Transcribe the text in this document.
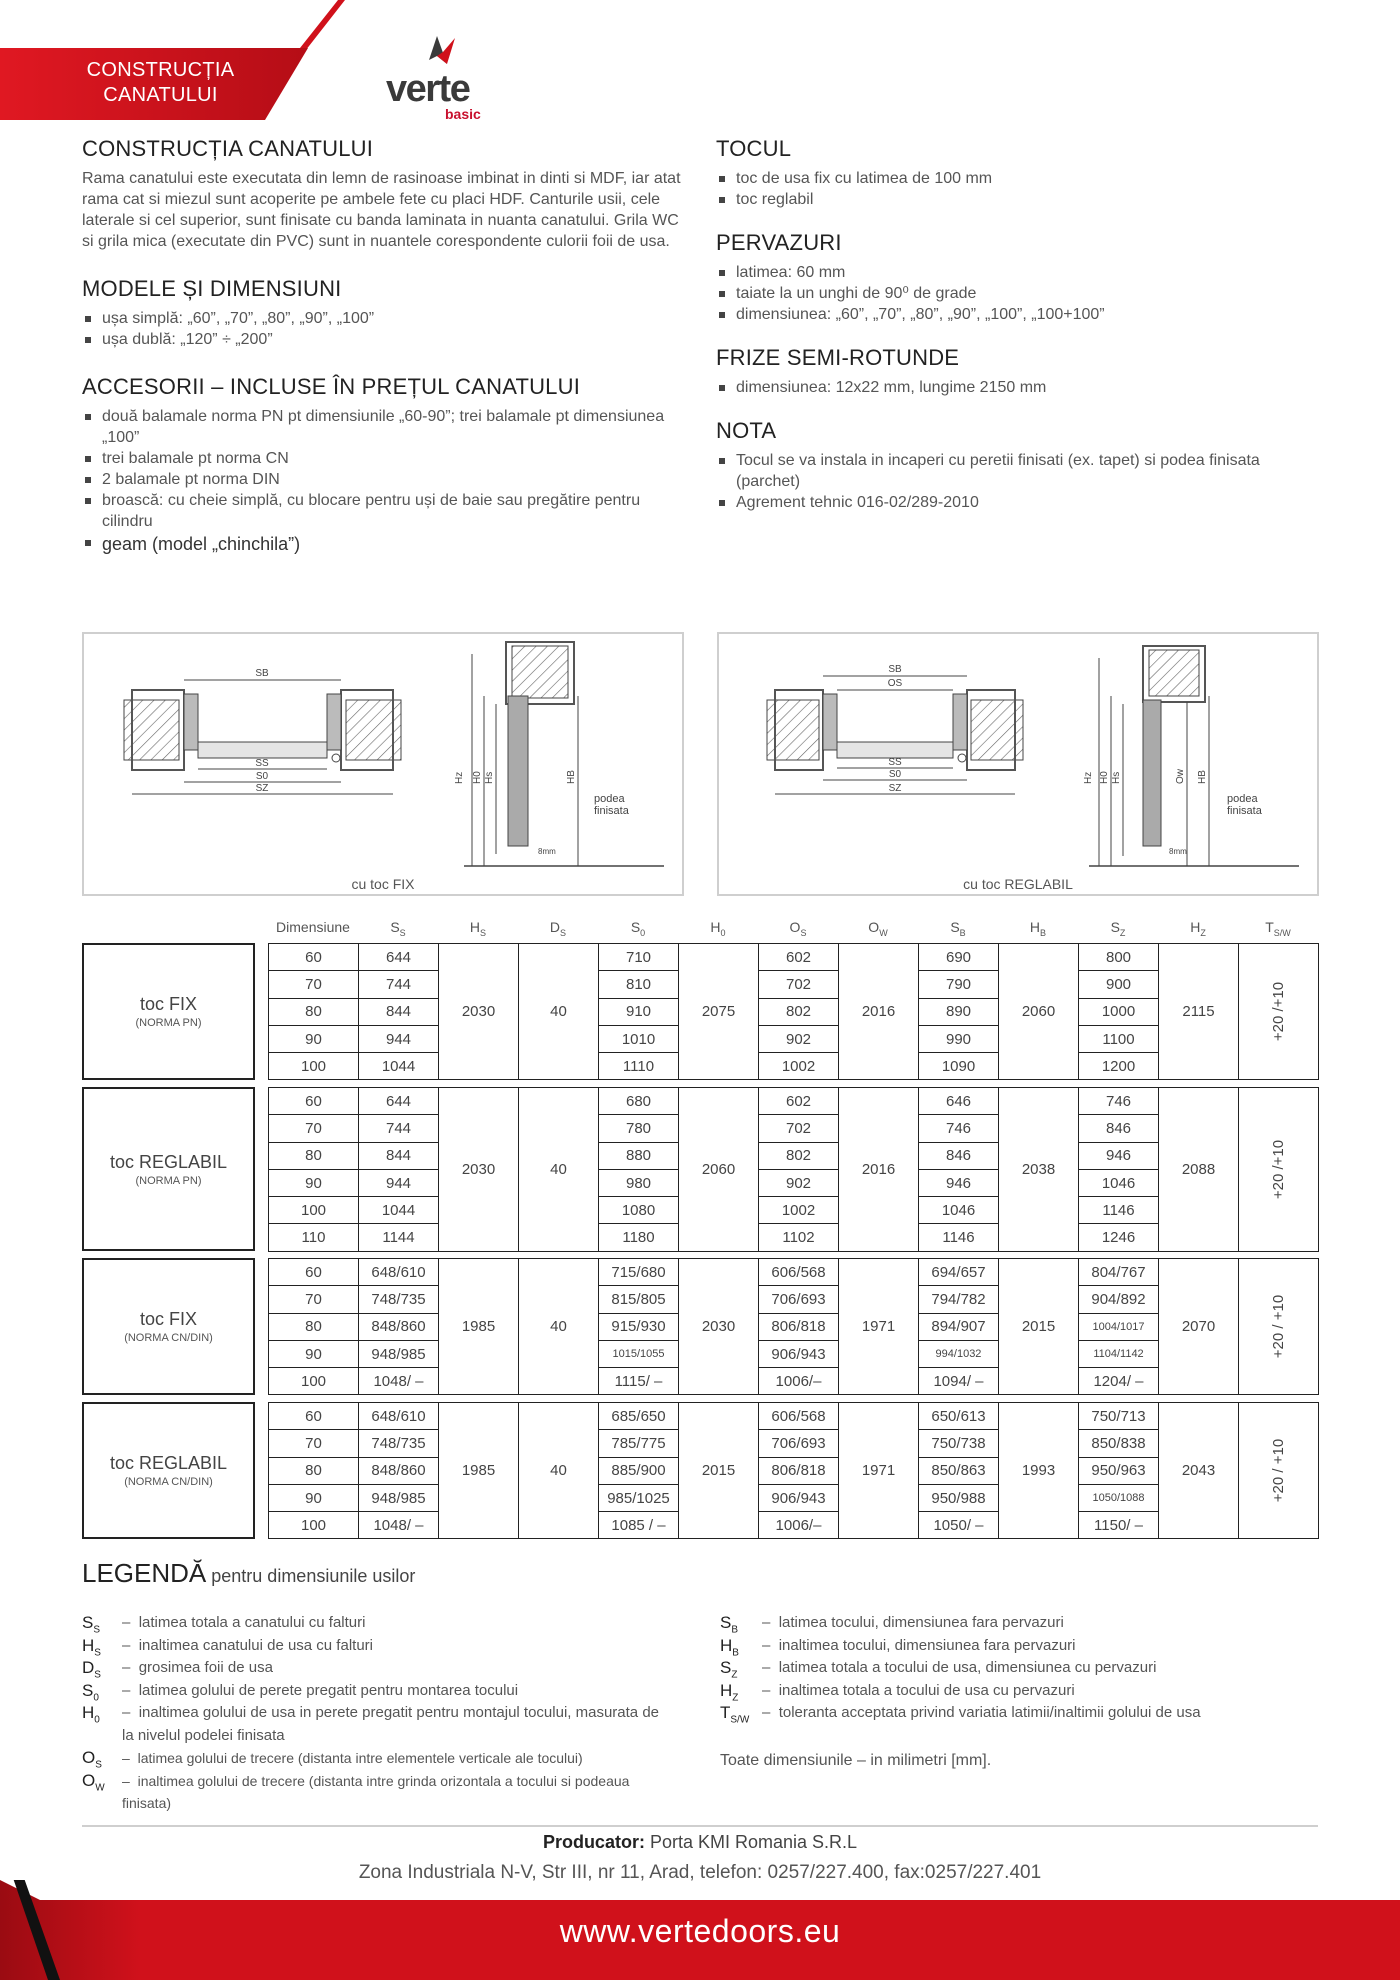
CONSTRUCȚIA
CANATULUI	verte
basic
CONSTRUCȚIA CANATULUI

Rama canatului este executata din lemn de rasinoase imbinat in dinti si MDF, iar atat rama cat si miezul sunt acoperite pe ambele fete cu placi HDF. Canturile usii, cele laterale si cel superior, sunt finisate cu banda laminata in nuanta canatului. Grila WC si grila mica (executate din PVC) sunt in nuantele corespondente culorii foii de usa.

MODELE ȘI DIMENSIUNI
ușa simplă: „60”, „70”, „80”, „90”, „100”
ușa dublă: „120” ÷ „200”
ACCESORII – INCLUSE ÎN PREȚUL CANATULUI
două balamale norma PN pt dimensiunile „60-90”; trei balamale pt dimensiunea „100”
trei balamale pt norma CN
2 balamale pt norma DIN
broască: cu cheie simplă, cu blocare pentru uși de baie sau pregătire pentru cilindru
geam (model „chinchila”)
TOCUL
toc de usa fix cu latimea de 100 mm
toc reglabil
PERVAZURI
latimea: 60 mm
taiate la un unghi de 90⁰ de grade
dimensiunea: „60”, „70”, „80”, „90”, „100”, „100+100”
FRIZE SEMI-ROTUNDE
dimensiunea: 12x22 mm, lungime 2150 mm
NOTA
Tocul se va instala in incaperi cu peretii finisati (ex. tapet) si podea finisata (parchet)
Agrement tehnic 016-02/289-2010
SB
SS
S0
SZ
Hz H0 Hs	HB
podea
finisata
8mm
cu toc FIX
SB
OS
SS
S0
SZ
Hz H0 Hs	Ow HB
podea
finisata
8mm
cu toc REGLABIL
Dimensiune	$S_S$	$H_S$	$D_S$	$S_0$	$H_0$	$O_S$	$O_W$	$S_B$	$H_B$	$S_Z$	$H_Z$	$T_{S/W}$
toc FIX
(NORMA PN)
60	644	2030	40	710	2075	602	2016	690	2060	800	2115	+20 /+10
70	744			810		702		790		900		
80	844			910		802		890		1000		
90	944			1010		902		990		1100		
100	1044			1110		1002		1090		1200		
toc REGLABIL
(NORMA PN)
60	644	2030	40	680	2060	602	2016	646	2038	746	2088	+20 /+10
70	744			780		702		746		846		
80	844			880		802		846		946		
90	944			980		902		946		1046		
100	1044			1080		1002		1046		1146		
110	1144			1180		1102		1146		1246		
toc FIX
(NORMA CN/DIN)
60	648/610	1985	40	715/680	2030	606/568	1971	694/657	2015	804/767	2070	+20 / +10
70	748/735			815/805		706/693		794/782		904/892		
80	848/860			915/930		806/818		894/907		1004/1017		
90	948/985			1015/1055		906/943		994/1032		1104/1142		
100	1048/ –			1115/ –		1006/–		1094/ –		1204/ –		
toc REGLABIL
(NORMA CN/DIN)
60	648/610	1985	40	685/650	2015	606/568	1971	650/613	1993	750/713	2043	+20 / +10
70	748/735			785/775		706/693		750/738		850/838		
80	848/860			885/900		806/818		850/863		950/963		
90	948/985			985/1025		906/943		950/988		1050/1088		
100	1048/ –			1085 / –		1006/–		1050/ –		1150/ –		
LEGENDĂ pentru dimensiunile usilor
$S_S$ –	latimea totala a canatului cu falturi
$H_S$ –	inaltimea canatului de usa cu falturi
$D_S$ –	grosimea foii de usa
$S_0$ –	latimea golului de perete pregatit pentru montarea tocului
$H_0$ –	inaltimea golului de usa in perete pregatit pentru montajul tocului, masurata de la nivelul podelei finisata
$O_S$ –	latimea golului de trecere (distanta intre elementele verticale ale tocului)
$O_W$ – inaltimea golului de trecere (distanta intre grinda orizontala a tocului si podeaua finisata)
$S_B$ –	latimea tocului, dimensiunea fara pervazuri
$H_B$ –	inaltimea tocului, dimensiunea fara pervazuri
$S_Z$ –	latimea totala a tocului de usa, dimensiunea cu pervazuri
$H_Z$ –	inaltimea totala a tocului de usa cu pervazuri
$T_{S/W}$ – toleranta acceptata privind variatia latimii/inaltimii golului de usa
Toate dimensiunile – in milimetri [mm].
Producator: Porta KMI Romania S.R.L
Zona Industriala N-V, Str III, nr 11, Arad, telefon: 0257/227.400, fax:0257/227.401
www.vertedoors.eu
